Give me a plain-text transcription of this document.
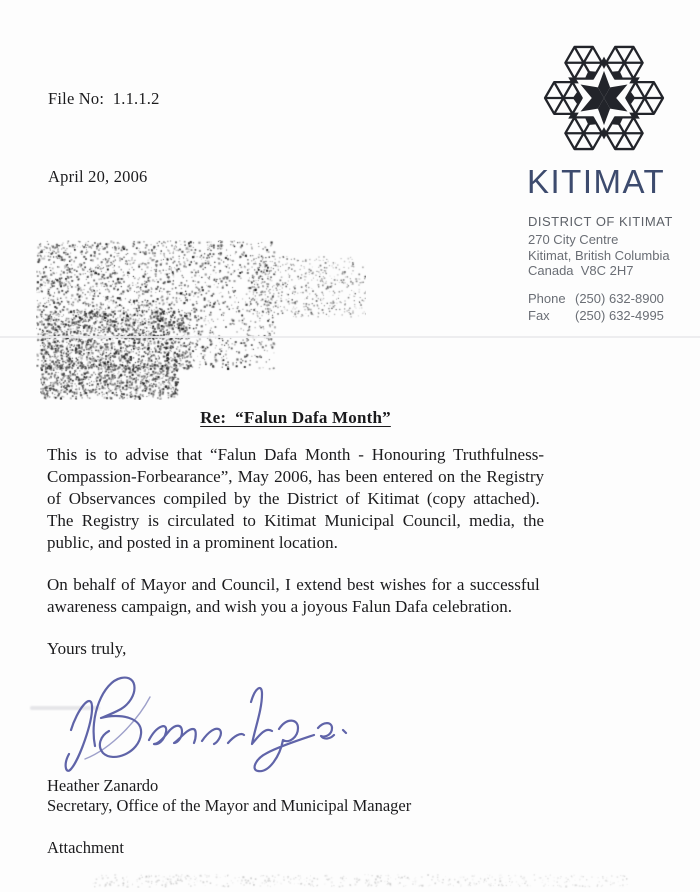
File No:  1.1.1.2
April 20, 2006	KITIMAT
DISTRICT OF KITIMAT
270 City Centre
Kitimat, British Columbia
Canada  V8C 2H7
Phone (250) 632-8900
Fax	(250) 632-4995
Re:  “Falun Dafa Month”

This is to advise that “Falun Dafa Month - Honouring Truthfulness-Compassion-Forbearance”, May 2006, has been entered on the Registry of Observances compiled by the District of Kitimat (copy attached).  The Registry is circulated to Kitimat Municipal Council, media, the public, and posted in a prominent location.

On behalf of Mayor and Council, I extend best wishes for a successful  awareness campaign, and wish you a joyous Falun Dafa celebration.

Yours truly,
Heather Zanardo
Secretary, Office of the Mayor and Municipal Manager
Attachment
